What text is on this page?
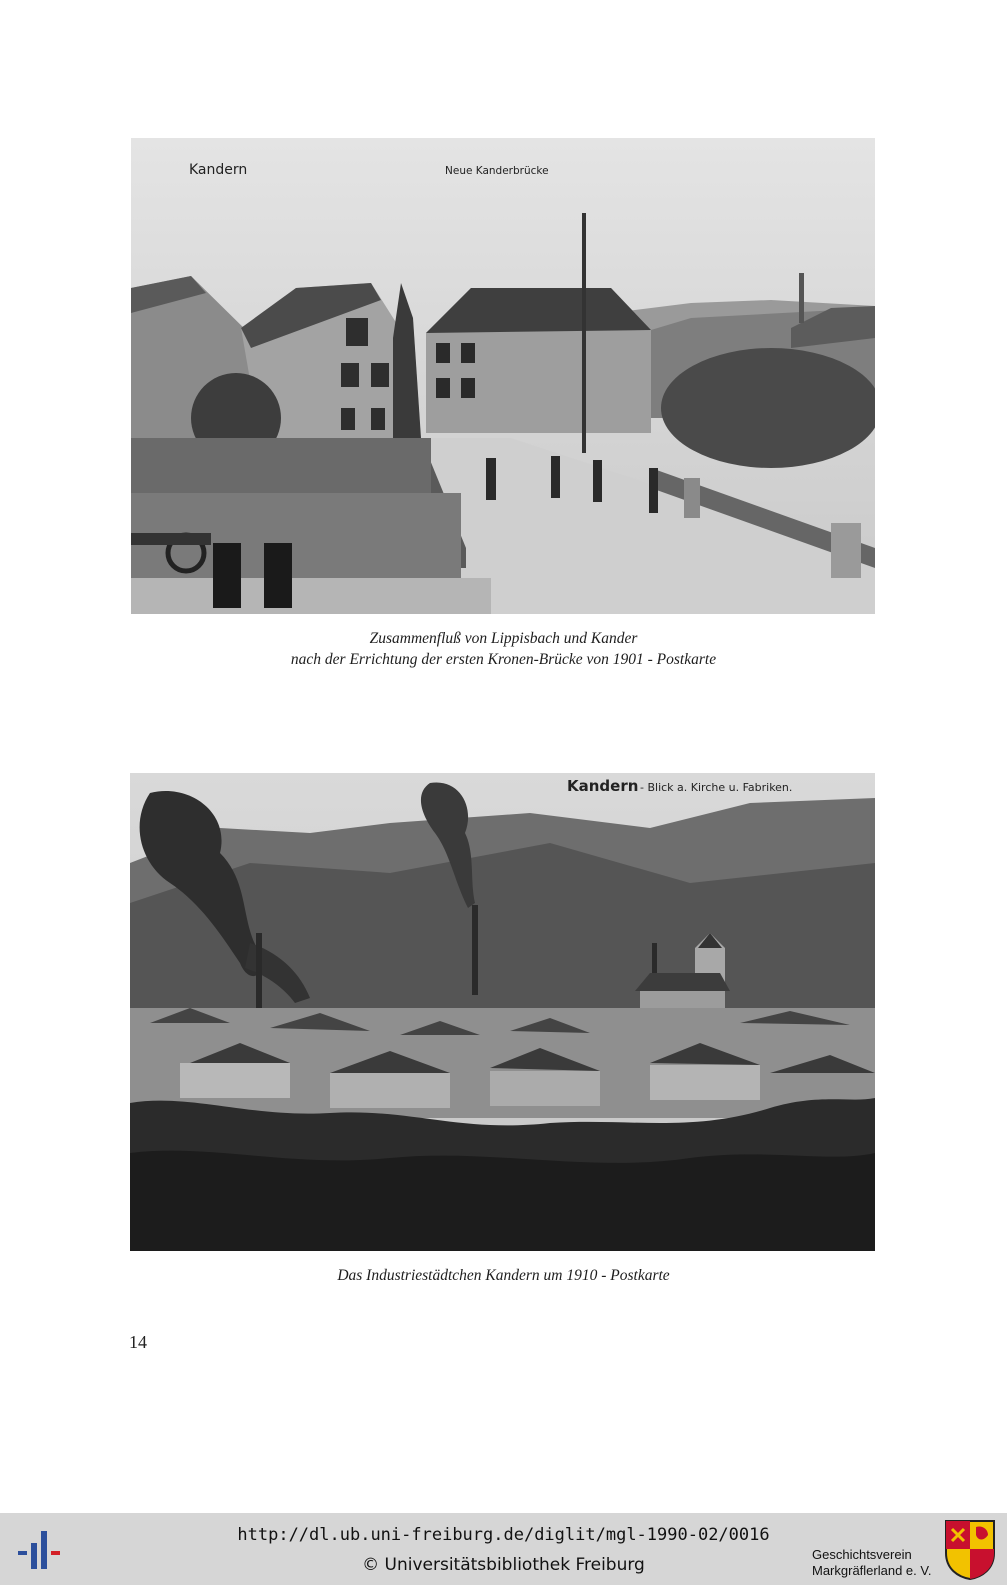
Kandern	Neue Kanderbrücke
Zusammenfluß von Lippisbach und Kander
nach der Errichtung der ersten Kronen-Brücke von 1901 - Postkarte
Kandern - Blick a. Kirche u. Fabriken.
Das Industriestädtchen Kandern um 1910 - Postkarte
14
http://dl.ub.uni-freiburg.de/diglit/mgl-1990-02/0016
© Universitätsbibliothek Freiburg
Geschichtsverein
Markgräflerland e. V.
